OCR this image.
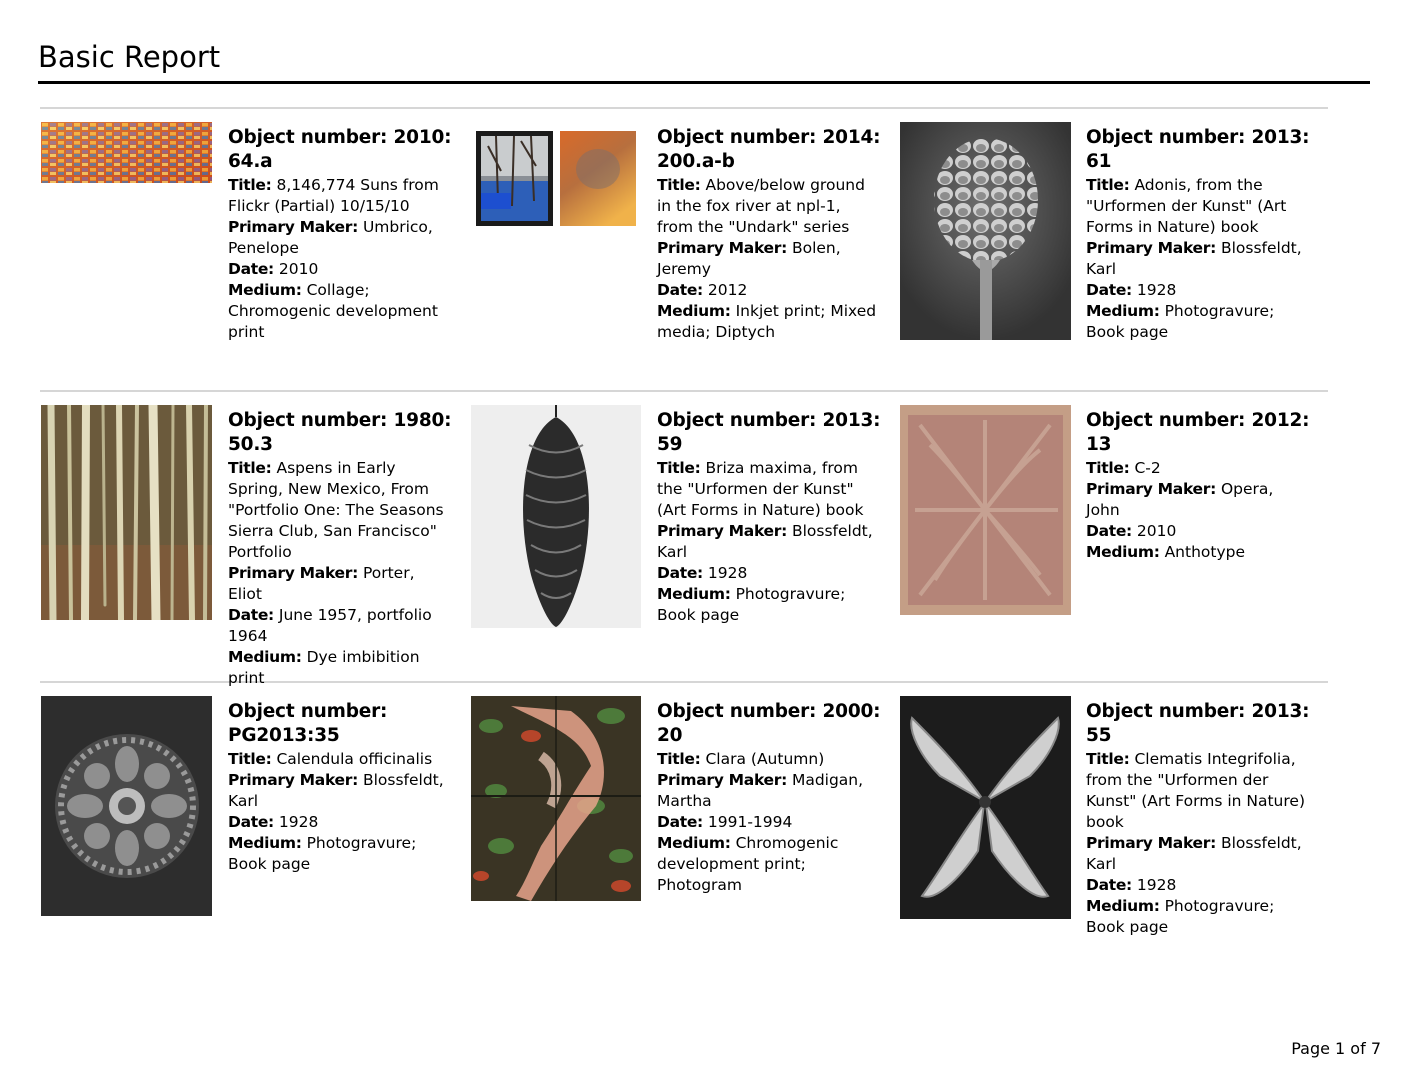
Basic Report
Object number: 2010:
64.a

Title: 8,146,774 Suns from Flickr (Partial) 10/15/10

Primary Maker: Umbrico, Penelope

Date: 2010

Medium: Collage; Chromogenic development print

Object number: 2014:
200.a-b

Title: Above/below ground in the fox river at npl-1, from the "Undark" series

Primary Maker: Bolen, Jeremy

Date: 2012

Medium: Inkjet print; Mixed media; Diptych

Object number: 2013:
61

Title: Adonis, from the "Urformen der Kunst" (Art Forms in Nature) book

Primary Maker: Blossfeldt, Karl

Date: 1928

Medium: Photogravure; Book page

Object number: 1980:
50.3

Title: Aspens in Early Spring, New Mexico, From "Portfolio One: The Seasons Sierra Club, San Francisco" Portfolio

Primary Maker: Porter, Eliot

Date: June 1957, portfolio 1964

Medium: Dye imbibition print

Object number: 2013:
59

Title: Briza maxima, from the "Urformen der Kunst" (Art Forms in Nature) book

Primary Maker: Blossfeldt, Karl

Date: 1928

Medium: Photogravure; Book page

Object number: 2012:
13

Title: C-2

Primary Maker: Opera, John

Date: 2010

Medium: Anthotype

Object number:
PG2013:35

Title: Calendula officinalis

Primary Maker: Blossfeldt, Karl

Date: 1928

Medium: Photogravure; Book page

Object number: 2000:
20

Title: Clara (Autumn)

Primary Maker: Madigan, Martha

Date: 1991-1994

Medium: Chromogenic development print; Photogram

Object number: 2013:
55

Title: Clematis Integrifolia, from the "Urformen der Kunst" (Art Forms in Nature) book

Primary Maker: Blossfeldt, Karl

Date: 1928

Medium: Photogravure; Book page

Page 1 of 7
